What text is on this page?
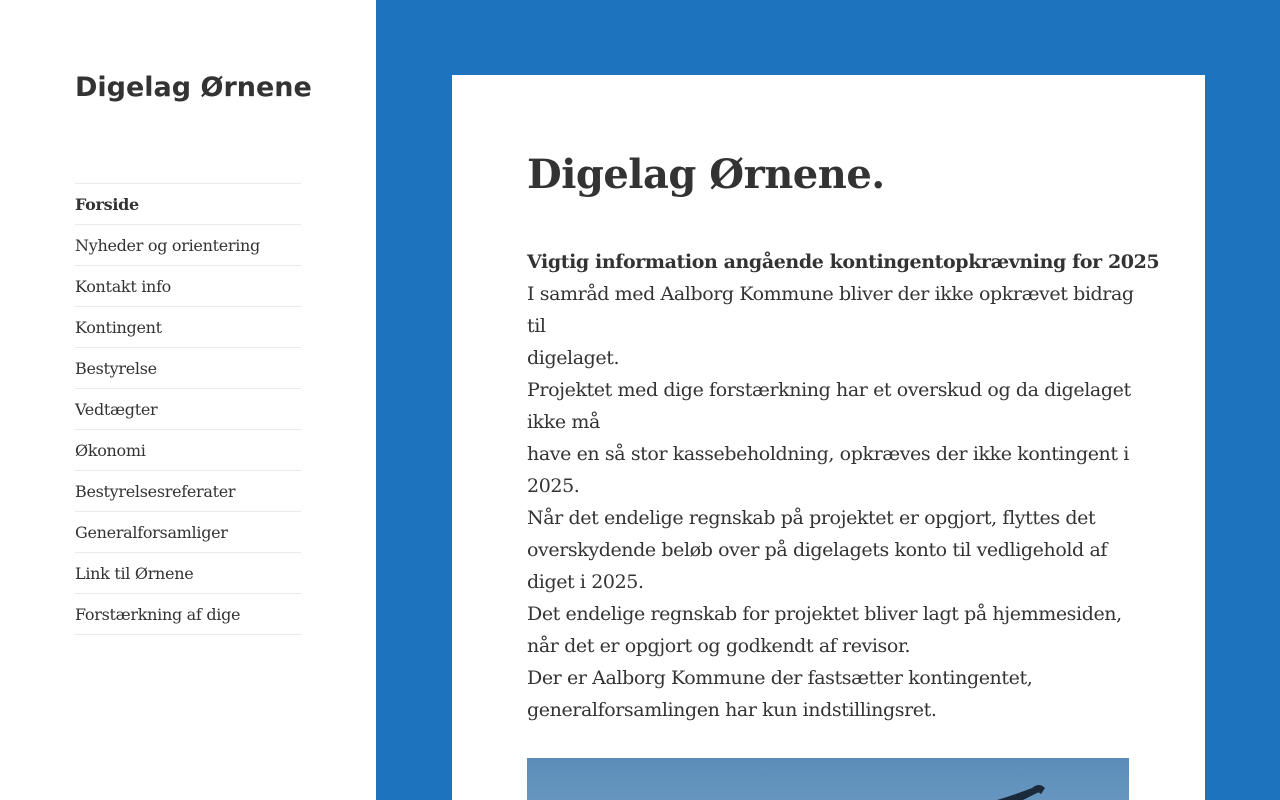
Digelag Ørnene
Forside
Nyheder og orientering
Kontakt info
Kontingent
Bestyrelse
Vedtægter
Økonomi
Bestyrelsesreferater
Generalforsamliger
Link til Ørnene
Forstærkning af dige
Digelag Ørnene.
Vigtig information angående kontingentopkrævning for 2025
I samråd med Aalborg Kommune bliver der ikke opkrævet bidrag
til
digelaget.
Projektet med dige forstærkning har et overskud og da digelaget
ikke må
have en så stor kassebeholdning, opkræves der ikke kontingent i
2025.
Når det endelige regnskab på projektet er opgjort, flyttes det
overskydende beløb over på digelagets konto til vedligehold af
diget i 2025.
Det endelige regnskab for projektet bliver lagt på hjemmesiden,
når det er opgjort og godkendt af revisor.
Der er Aalborg Kommune der fastsætter kontingentet,
generalforsamlingen har kun indstillingsret.
